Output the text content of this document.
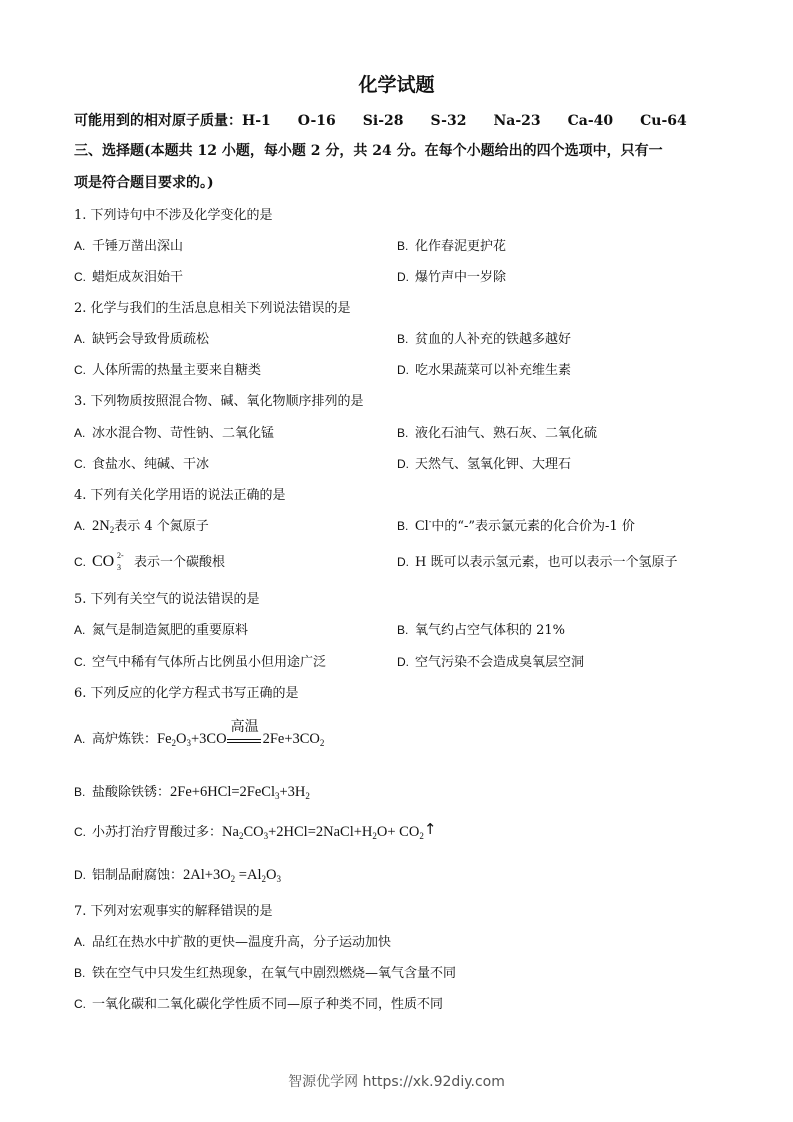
化学试题
可能用到的相对原子质量：H-1 O-16 Si-28 S-32 Na-23 Ca-40 Cu-64
三、选择题(本题共 12 小题，每小题 2 分，共 24 分。在每个小题给出的四个选项中，只有一
项是符合题目要求的。)
1. 下列诗句中不涉及化学变化的是
A. 千锤万凿出深山	B. 化作春泥更护花
C. 蜡炬成灰泪始干	D. 爆竹声中一岁除
2. 化学与我们的生活息息相关下列说法错误的是
A. 缺钙会导致骨质疏松	B. 贫血的人补充的铁越多越好
C. 人体所需的热量主要来自糖类	D. 吃水果蔬菜可以补充维生素
3. 下列物质按照混合物、碱、氧化物顺序排列的是
A. 冰水混合物、苛性钠、二氧化锰	B. 液化石油气、熟石灰、二氧化硫
C. 食盐水、纯碱、干冰	D. 天然气、氢氧化钾、大理石
4. 下列有关化学用语的说法正确的是
A. $2N_2$表示 4 个氮原子	B. Cl-中的“-”表示氯元素的化合价为-1 价
C. CO 2-
3 表示一个碳酸根	D. H 既可以表示氢元素，也可以表示一个氢原子
5. 下列有关空气的说法错误的是
A. 氮气是制造氮肥的重要原料	B. 氧气约占空气体积的 21%
C. 空气中稀有气体所占比例虽小但用途广泛	D. 空气污染不会造成臭氧层空洞
6. 下列反应的化学方程式书写正确的是
A. 高炉炼铁：$Fe_2O_3+3CO$
高温
$2Fe+3CO_2$
B. 盐酸除铁锈：$2Fe+6HCl=2FeCl_3+3H_2$
C. 小苏打治疗胃酸过多：$Na_2CO_3+2HCl=2NaCl+H_2O+$ $CO_2↑$
D. 铝制品耐腐蚀：$2Al+3O_2 =Al_2O_3$
7. 下列对宏观事实的解释错误的是
A. 品红在热水中扩散的更快—温度升高，分子运动加快
B. 铁在空气中只发生红热现象，在氧气中剧烈燃烧—氧气含量不同
C. 一氧化碳和二氧化碳化学性质不同—原子种类不同，性质不同
智源优学网 https://xk.92diy.com
